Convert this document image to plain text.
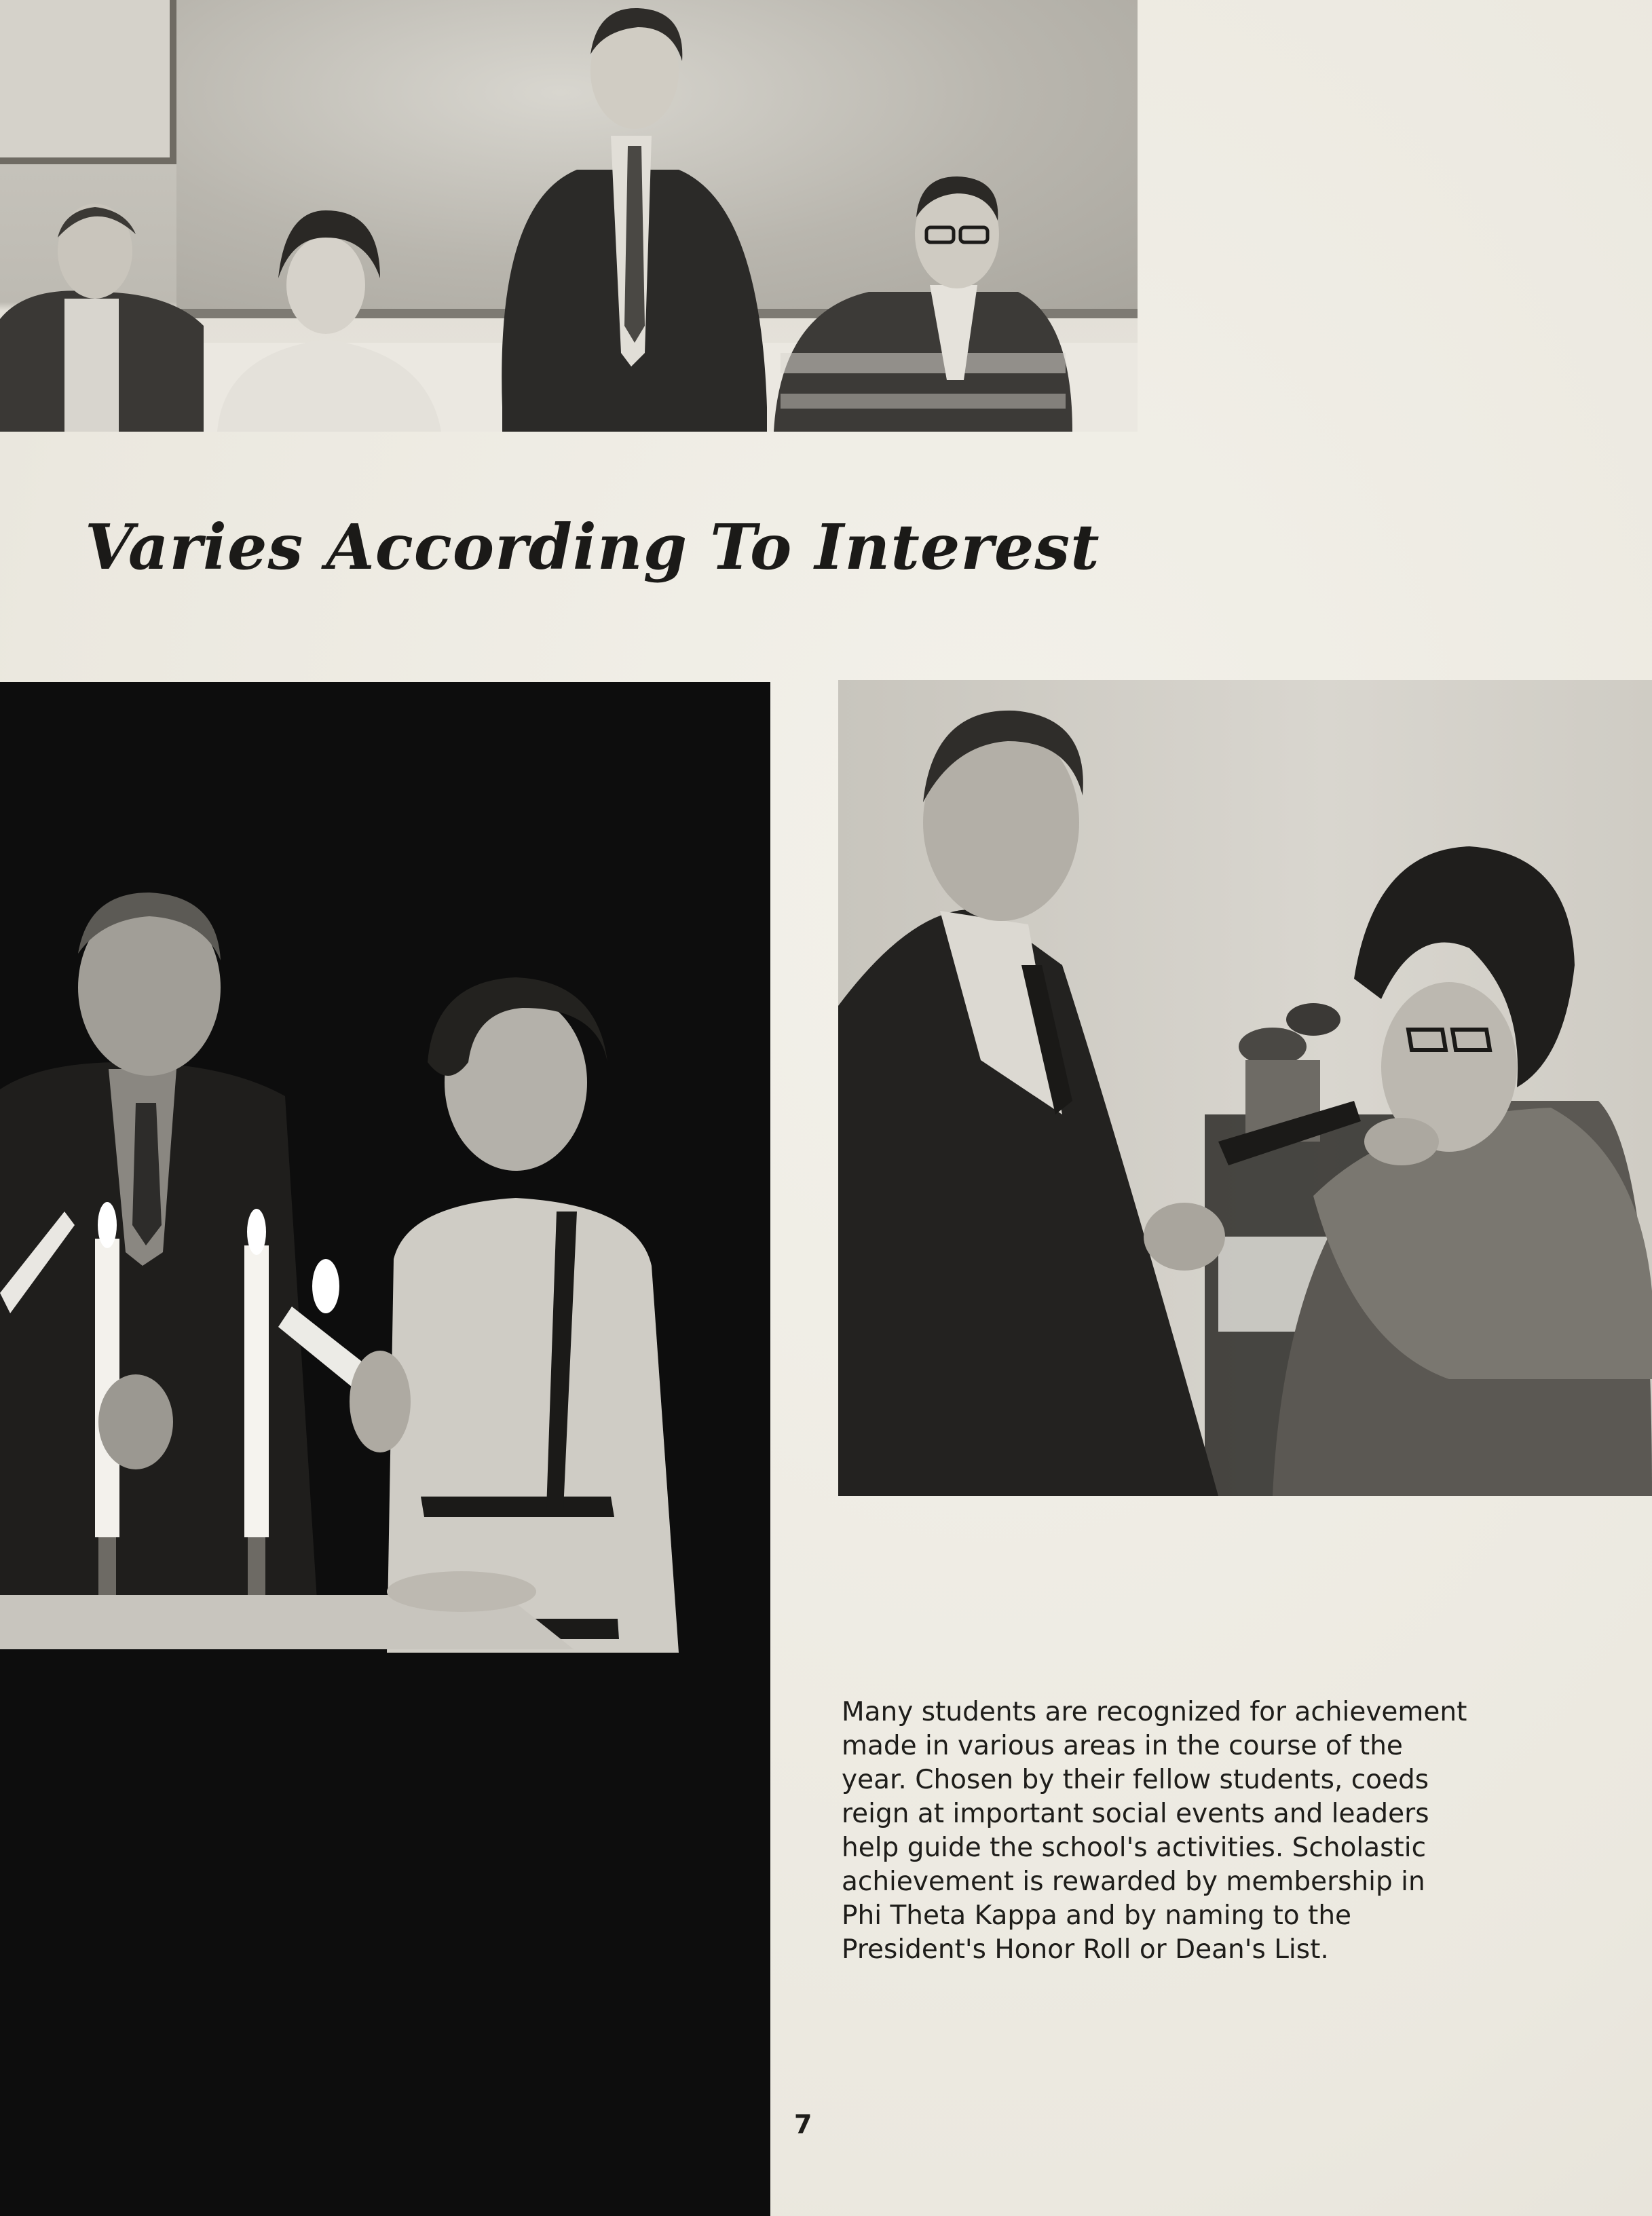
Varies According To Interest
Many students are recognized for achievement
made in various areas in the course of the
year. Chosen by their fellow students, coeds
reign at important social events and leaders
help guide the school's activities. Scholastic
achievement is rewarded by membership in
Phi Theta Kappa and by naming to the
President's Honor Roll or Dean's List.
7
